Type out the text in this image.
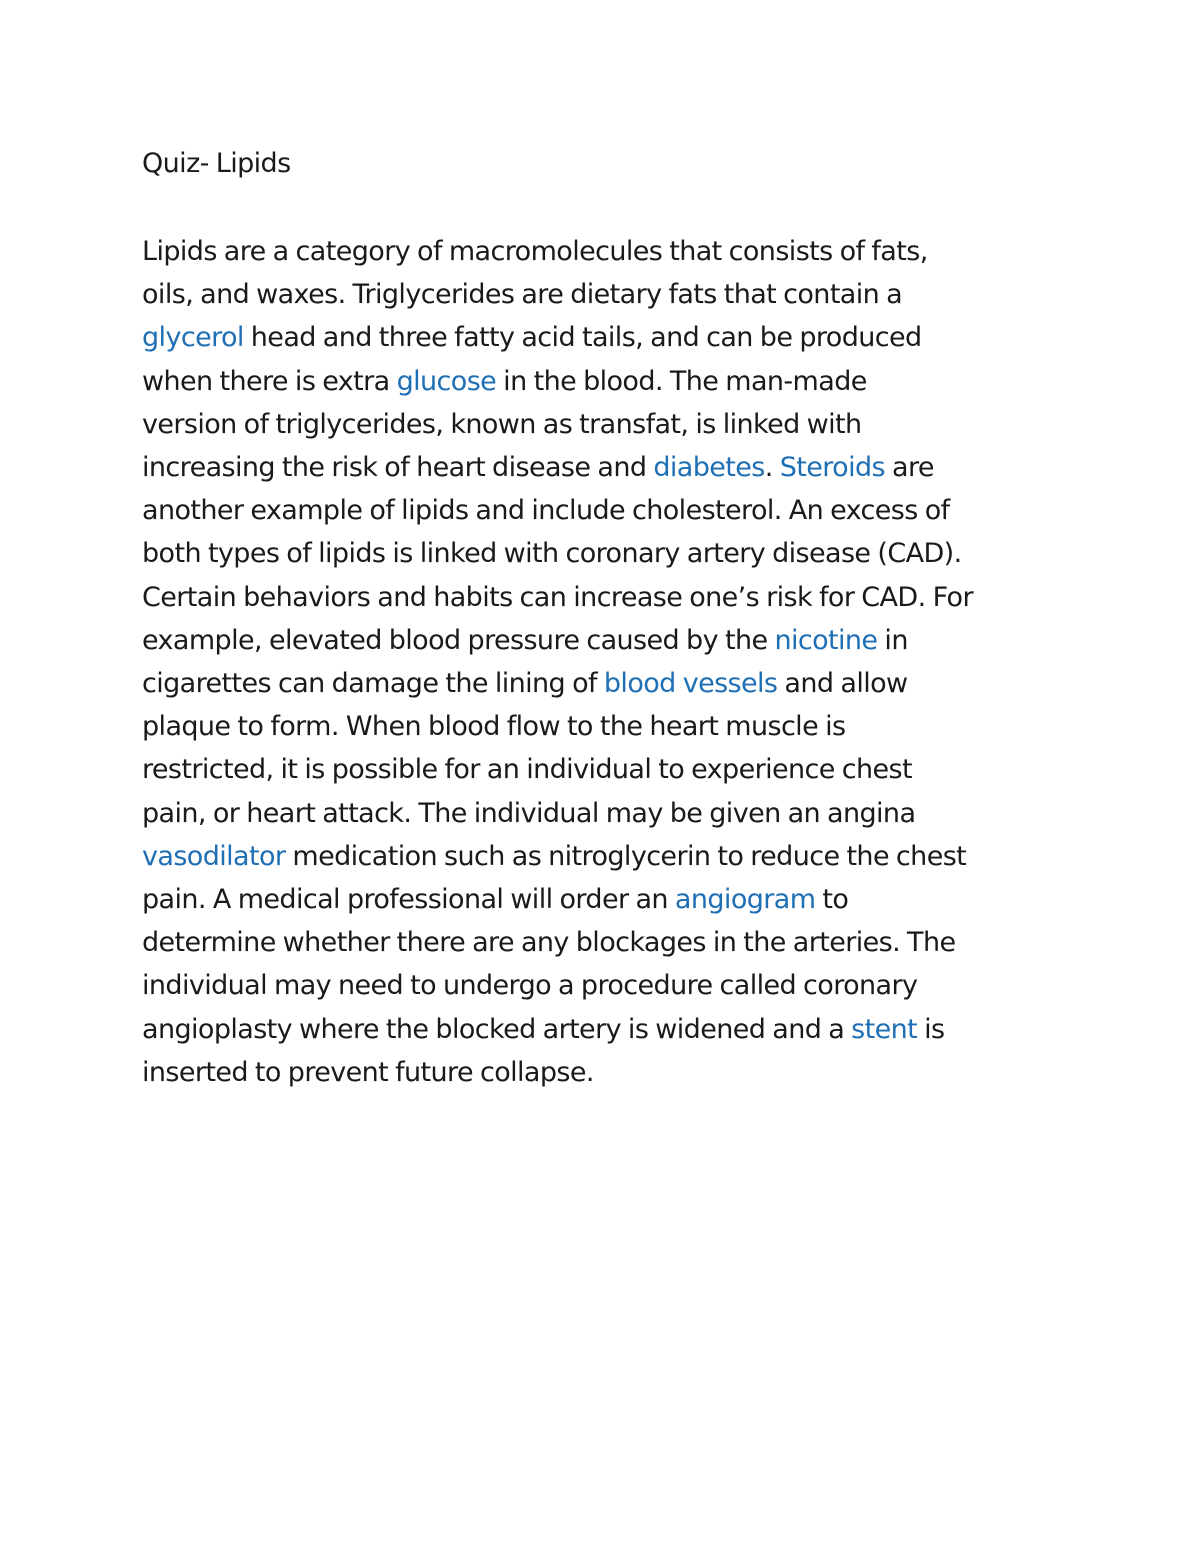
Quiz- Lipids
Lipids are a category of macromolecules that consists of fats,
oils, and waxes. Triglycerides are dietary fats that contain a
glycerol head and three fatty acid tails, and can be produced
when there is extra glucose in the blood. The man-made
version of triglycerides, known as transfat, is linked with
increasing the risk of heart disease and diabetes. Steroids are
another example of lipids and include cholesterol. An excess of
both types of lipids is linked with coronary artery disease (CAD).
Certain behaviors and habits can increase one’s risk for CAD. For
example, elevated blood pressure caused by the nicotine in
cigarettes can damage the lining of blood vessels and allow
plaque to form. When blood flow to the heart muscle is
restricted, it is possible for an individual to experience chest
pain, or heart attack. The individual may be given an angina
vasodilator medication such as nitroglycerin to reduce the chest
pain. A medical professional will order an angiogram to
determine whether there are any blockages in the arteries. The
individual may need to undergo a procedure called coronary
angioplasty where the blocked artery is widened and a stent is
inserted to prevent future collapse.
